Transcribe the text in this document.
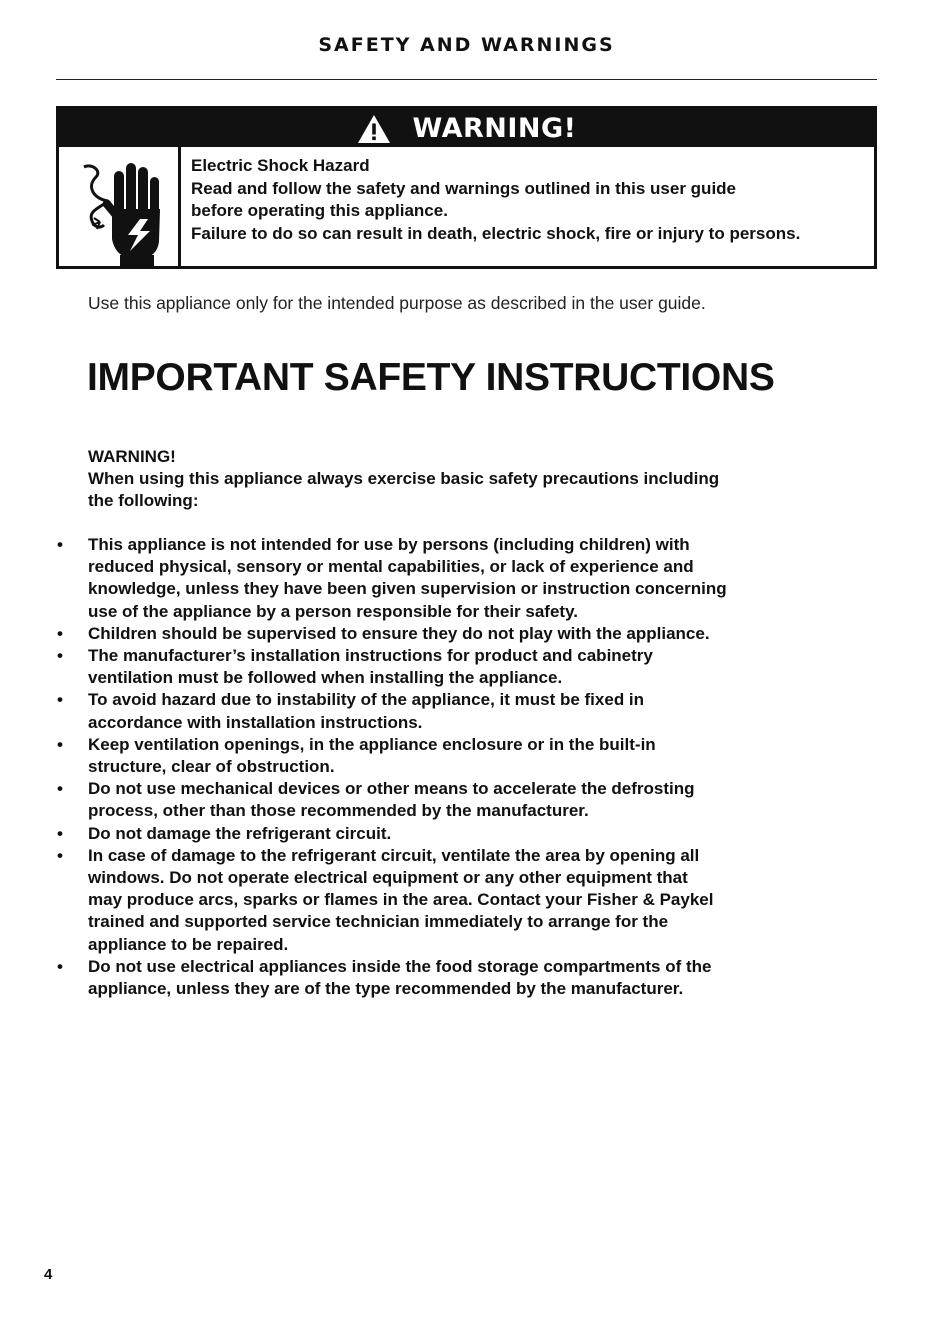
SAFETY AND WARNINGS
WARNING!
Electric Shock Hazard
Read and follow the safety and warnings outlined in this user guide
before operating this appliance.
Failure to do so can result in death, electric shock, fire or injury to persons.
Use this appliance only for the intended purpose as described in the user guide.
IMPORTANT SAFETY INSTRUCTIONS
WARNING!
When using this appliance always exercise basic safety precautions including
the following:
• This appliance is not intended for use by persons (including children) with
reduced physical, sensory or mental capabilities, or lack of experience and
knowledge, unless they have been given supervision or instruction concerning
use of the appliance by a person responsible for their safety.
• Children should be supervised to ensure they do not play with the appliance.
• The manufacturer’s installation instructions for product and cabinetry
ventilation must be followed when installing the appliance.
• To avoid hazard due to instability of the appliance, it must be fixed in
accordance with installation instructions.
• Keep ventilation openings, in the appliance enclosure or in the built-in
structure, clear of obstruction.
• Do not use mechanical devices or other means to accelerate the defrosting
process, other than those recommended by the manufacturer.
• Do not damage the refrigerant circuit.
• In case of damage to the refrigerant circuit, ventilate the area by opening all
windows. Do not operate electrical equipment or any other equipment that
may produce arcs, sparks or flames in the area. Contact your Fisher & Paykel
trained and supported service technician immediately to arrange for the
appliance to be repaired.
• Do not use electrical appliances inside the food storage compartments of the
appliance, unless they are of the type recommended by the manufacturer.
4
